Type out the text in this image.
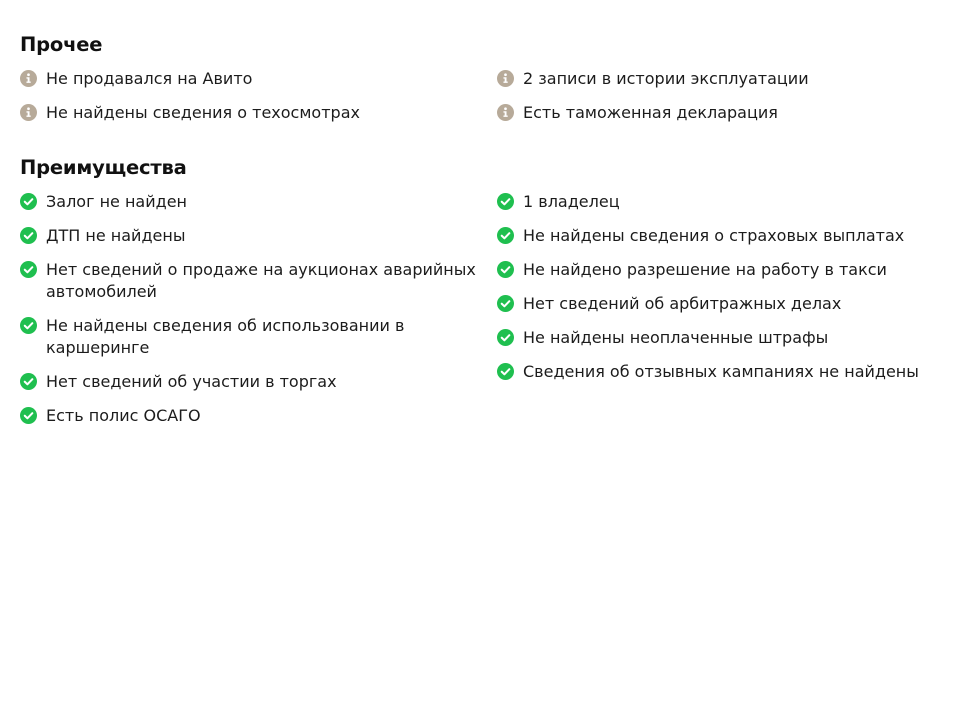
Прочее
Не продавался на Авито
Не найдены сведения о техосмотрах
2 записи в истории эксплуатации
Есть таможенная декларация
Преимущества
Залог не найден
ДТП не найдены
Нет сведений о продаже на аукционах аварийных автомобилей
Не найдены сведения об использовании в каршеринге
Нет сведений об участии в торгах
Есть полис ОСАГО
1 владелец
Не найдены сведения о страховых выплатах
Не найдено разрешение на работу в такси
Нет сведений об арбитражных делах
Не найдены неоплаченные штрафы
Сведения об отзывных кампаниях не найдены
